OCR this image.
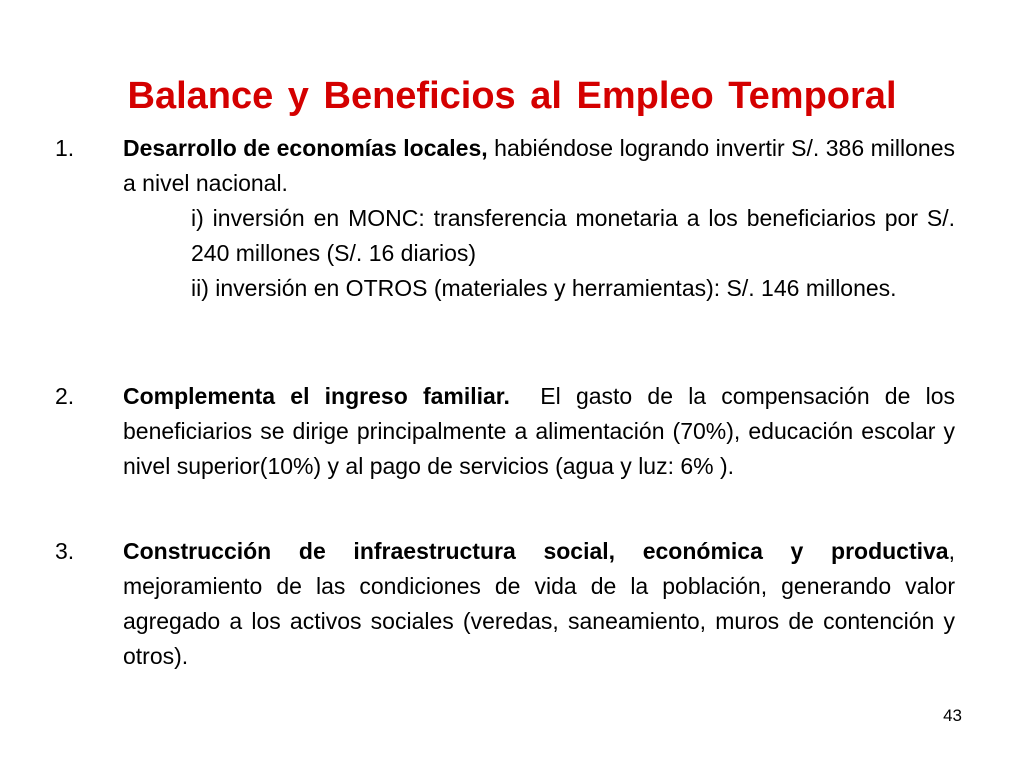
Balance y Beneficios al Empleo Temporal
1.	Desarrollo de economías locales, habiéndose logrando invertir S/. 386 millones a nivel nacional.
i) inversión en MONC: transferencia monetaria a los beneficiarios por S/. 240 millones (S/. 16 diarios)
ii) inversión en OTROS (materiales y herramientas): S/. 146 millones.
2.	Complementa el ingreso familiar.  El gasto de la compensación de los beneficiarios se dirige principalmente a alimentación (70%), educación escolar y nivel superior(10%) y al pago de servicios (agua y luz: 6% ).
3.	Construcción de infraestructura social, económica y productiva, mejoramiento de las condiciones de vida de la población, generando valor agregado a los activos sociales (veredas, saneamiento, muros de contención y otros).
43
